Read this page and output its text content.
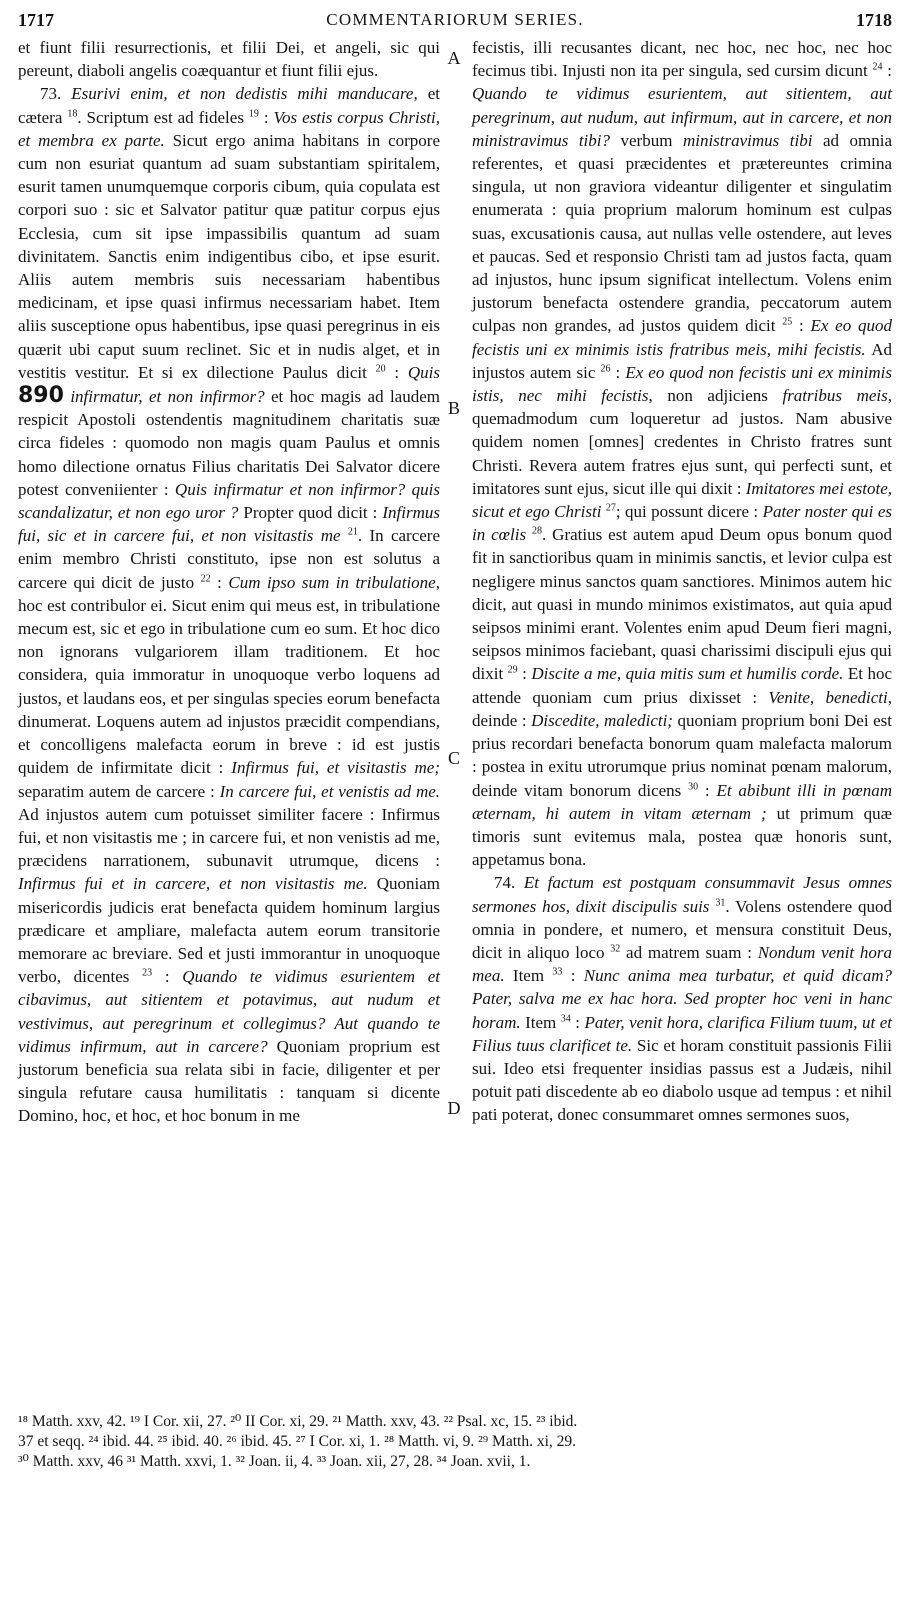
1717	COMMENTARIORUM SERIES.	1718

et fiunt filii resurrectionis, et filii Dei, et angeli, sic qui pereunt, diaboli angelis coæquantur et fiunt filii ejus.

73. Esurivi enim, et non dedistis mihi manducare, et cætera $^{18}$. Scriptum est ad fideles $^{19}$ : Vos estis corpus Christi, et membra ex parte. Sicut ergo anima habitans in corpore cum non esuriat quantum ad suam substantiam spiritalem, esurit tamen unumquemque corporis cibum, quia copulata est corpori suo : sic et Salvator patitur quæ patitur corpus ejus Ecclesia, cum sit ipse impassibilis quantum ad suam divinitatem. Sanctis enim indigentibus cibo, et ipse esurit. Aliis autem membris suis necessariam habentibus medicinam, et ipse quasi infirmus necessariam habet. Item aliis susceptione opus habentibus, ipse quasi peregrinus in eis quærit ubi caput suum reclinet. Sic et in nudis alget, et in vestitis vestitur. Et si ex dilectione Paulus dicit $^{20}$ : Quis 890 infirmatur, et non infirmor? et hoc magis ad laudem respicit Apostoli ostendentis magnitudinem charitatis suæ circa fideles : quomodo non magis quam Paulus et omnis homo dilectione ornatus Filius charitatis Dei Salvator dicere potest conveniienter : Quis infirmatur et non infirmor? quis scandalizatur, et non ego uror ? Propter quod dicit : Infirmus fui, sic et in carcere fui, et non visitastis me $^{21}$. In carcere enim membro Christi constituto, ipse non est solutus a carcere qui dicit de justo $^{22}$ : Cum ipso sum in tribulatione, hoc est contribulor ei. Sicut enim qui meus est, in tribulatione mecum est, sic et ego in tribulatione cum eo sum. Et hoc dico non ignorans vulgariorem illam traditionem. Et hoc considera, quia immoratur in unoquoque verbo loquens ad justos, et laudans eos, et per singulas species eorum benefacta dinumerat. Loquens autem ad injustos præcidit compendians, et concolligens malefacta eorum in breve : id est justis quidem de infirmitate dicit : Infirmus fui, et visitastis me; separatim autem de carcere : In carcere fui, et venistis ad me. Ad injustos autem cum potuisset similiter facere : Infirmus fui, et non visitastis me ; in carcere fui, et non venistis ad me, præcidens narrationem, subunavit utrumque, dicens : Infirmus fui et in carcere, et non visitastis me. Quoniam misericordis judicis erat benefacta quidem hominum largius prædicare et ampliare, malefacta autem eorum transitorie memorare ac breviare. Sed et justi immorantur in unoquoque verbo, dicentes $^{23}$ : Quando te vidimus esurientem et cibavimus, aut sitientem et potavimus, aut nudum et vestivimus, aut peregrinum et collegimus? Aut quando te vidimus infirmum, aut in carcere? Quoniam proprium est justorum beneficia sua relata sibi in facie, diligenter et per singula refutare causa humilitatis : tanquam si dicente Domino, hoc, et hoc, et hoc bonum in me

A
B
C
D

fecistis, illi recusantes dicant, nec hoc, nec hoc, nec hoc fecimus tibi. Injusti non ita per singula, sed cursim dicunt $^{24}$ : Quando te vidimus esurientem, aut sitientem, aut peregrinum, aut nudum, aut infirmum, aut in carcere, et non ministravimus tibi? verbum ministravimus tibi ad omnia referentes, et quasi præcidentes et prætereuntes crimina singula, ut non graviora videantur diligenter et singulatim enumerata : quia proprium malorum hominum est culpas suas, excusationis causa, aut nullas velle ostendere, aut leves et paucas. Sed et responsio Christi tam ad justos facta, quam ad injustos, hunc ipsum significat intellectum. Volens enim justorum benefacta ostendere grandia, peccatorum autem culpas non grandes, ad justos quidem dicit $^{25}$ : Ex eo quod fecistis uni ex minimis istis fratribus meis, mihi fecistis. Ad injustos autem sic $^{26}$ : Ex eo quod non fecistis uni ex minimis istis, nec mihi fecistis, non adjiciens fratribus meis, quemadmodum cum loqueretur ad justos. Nam abusive quidem nomen [omnes] credentes in Christo fratres sunt Christi. Revera autem fratres ejus sunt, qui perfecti sunt, et imitatores sunt ejus, sicut ille qui dixit : Imitatores mei estote, sicut et ego Christi $^{27}$; qui possunt dicere : Pater noster qui es in cœlis $^{28}$. Gratius est autem apud Deum opus bonum quod fit in sanctioribus quam in minimis sanctis, et levior culpa est negligere minus sanctos quam sanctiores. Minimos autem hic dicit, aut quasi in mundo minimos existimatos, aut quia apud seipsos minimi erant. Volentes enim apud Deum fieri magni, seipsos minimos faciebant, quasi charissimi discipuli ejus qui dixit $^{29}$ : Discite a me, quia mitis sum et humilis corde. Et hoc attende quoniam cum prius dixisset : Venite, benedicti, deinde : Discedite, maledicti; quoniam proprium boni Dei est prius recordari benefacta bonorum quam malefacta malorum : postea in exitu utrorumque prius nominat pœnam malorum, deinde vitam bonorum dicens $^{30}$ : Et abibunt illi in pœnam æternam, hi autem in vitam æternam ; ut primum quæ timoris sunt evitemus mala, postea quæ honoris sunt, appetamus bona.

74. Et factum est postquam consummavit Jesus omnes sermones hos, dixit discipulis suis $^{31}$. Volens ostendere quod omnia in pondere, et numero, et mensura constituit Deus, dicit in aliquo loco $^{32}$ ad matrem suam : Nondum venit hora mea. Item $^{33}$ : Nunc anima mea turbatur, et quid dicam? Pater, salva me ex hac hora. Sed propter hoc veni in hanc horam. Item $^{34}$ : Pater, venit hora, clarifica Filium tuum, ut et Filius tuus clarificet te. Sic et horam constituit passionis Filii sui. Ideo etsi frequenter insidias passus est a Judæis, nihil potuit pati discedente ab eo diabolo usque ad tempus : et nihil pati poterat, donec consummaret omnes sermones suos,

¹⁸ Matth. xxv, 42. ¹⁹ I Cor. xii, 27. ²⁰ II Cor. xi, 29. ²¹ Matth. xxv, 43. ²² Psal. xc, 15. ²³ ibid.
37 et seqq. ²⁴ ibid. 44. ²⁵ ibid. 40. ²⁶ ibid. 45. ²⁷ I Cor. xi, 1. ²⁸ Matth. vi, 9. ²⁹ Matth. xi, 29.
³⁰ Matth. xxv, 46 ³¹ Matth. xxvi, 1. ³² Joan. ii, 4. ³³ Joan. xii, 27, 28. ³⁴ Joan. xvii, 1.
